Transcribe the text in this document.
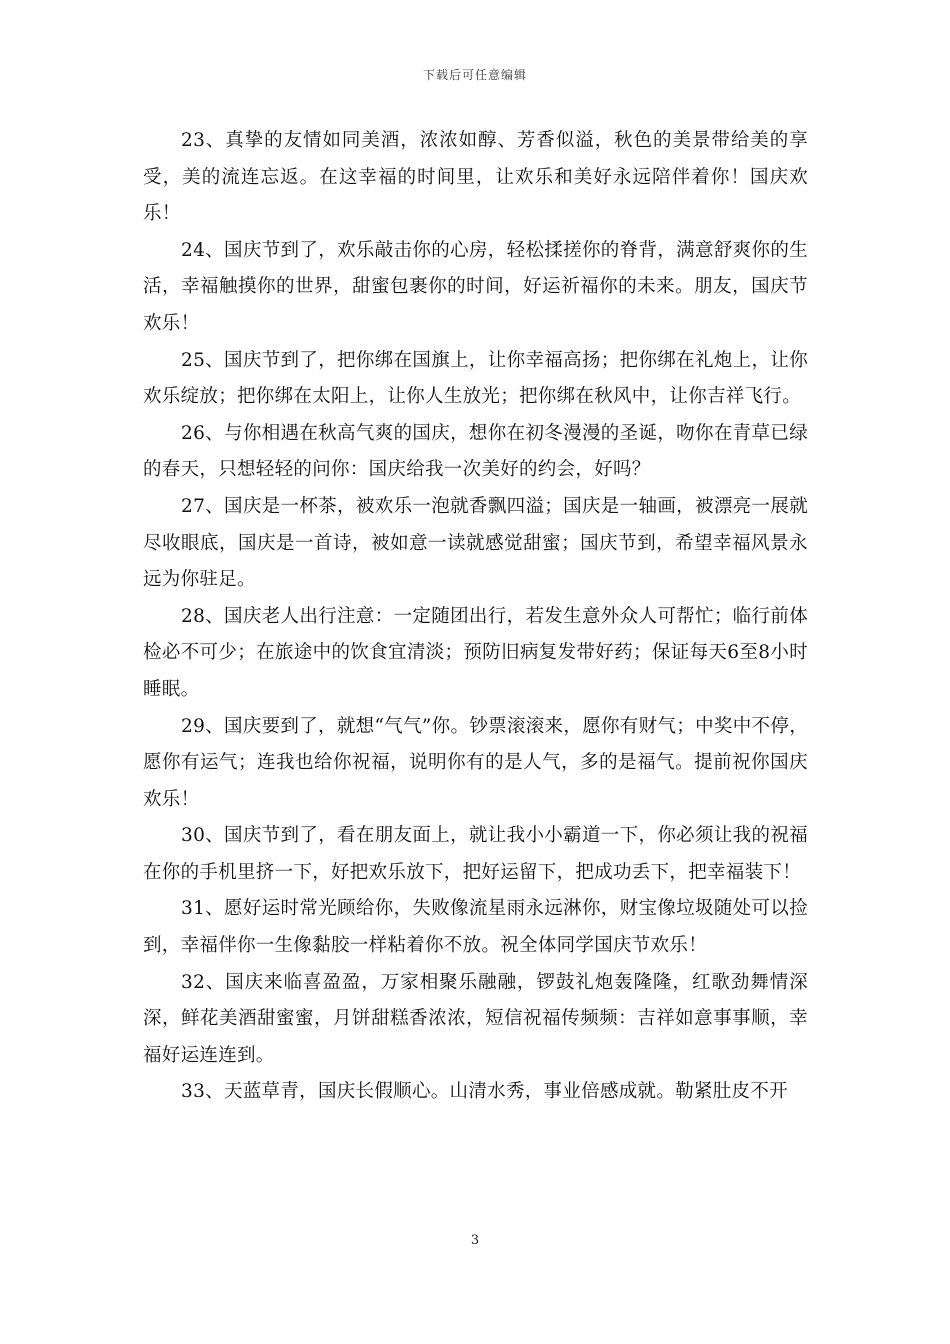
下载后可任意编辑

23、真挚的友情如同美酒，浓浓如醇、芳香似溢，秋色的美景带给美的享受，美的流连忘返。在这幸福的时间里，让欢乐和美好永远陪伴着你！国庆欢乐！

24、国庆节到了，欢乐敲击你的心房，轻松揉搓你的脊背，满意舒爽你的生活，幸福触摸你的世界，甜蜜包裹你的时间，好运祈福你的未来。朋友，国庆节欢乐！

25、国庆节到了，把你绑在国旗上，让你幸福高扬；把你绑在礼炮上，让你欢乐绽放；把你绑在太阳上，让你人生放光；把你绑在秋风中，让你吉祥飞行。

26、与你相遇在秋高气爽的国庆，想你在初冬漫漫的圣诞，吻你在青草已绿的春天，只想轻轻的问你：国庆给我一次美好的约会，好吗？

27、国庆是一杯茶，被欢乐一泡就香飘四溢；国庆是一轴画，被漂亮一展就尽收眼底，国庆是一首诗，被如意一读就感觉甜蜜；国庆节到，希望幸福风景永远为你驻足。

28、国庆老人出行注意：一定随团出行，若发生意外众人可帮忙；临行前体检必不可少；在旅途中的饮食宜清淡；预防旧病复发带好药；保证每天6至8小时睡眠。

29、国庆要到了，就想“气气”你。钞票滚滚来，愿你有财气；中奖中不停，愿你有运气；连我也给你祝福，说明你有的是人气，多的是福气。提前祝你国庆欢乐！

30、国庆节到了，看在朋友面上，就让我小小霸道一下，你必须让我的祝福在你的手机里挤一下，好把欢乐放下，把好运留下，把成功丢下，把幸福装下！

31、愿好运时常光顾给你，失败像流星雨永远淋你，财宝像垃圾随处可以捡到，幸福伴你一生像黏胶一样粘着你不放。祝全体同学国庆节欢乐！

32、国庆来临喜盈盈，万家相聚乐融融，锣鼓礼炮轰隆隆，红歌劲舞情深深，鲜花美酒甜蜜蜜，月饼甜糕香浓浓，短信祝福传频频：吉祥如意事事顺，幸福好运连连到。

33、天蓝草青，国庆长假顺心。山清水秀，事业倍感成就。勒紧肚皮不开

3
